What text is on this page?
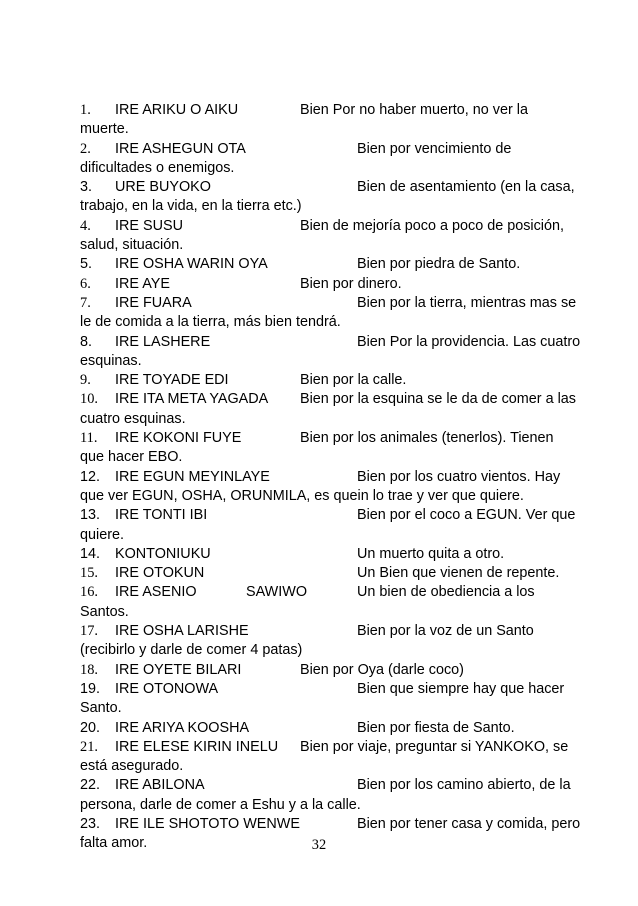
1. IRE ARIKU O AIKU	Bien Por no haber muerto, no ver la
muerte.
2. IRE ASHEGUN OTA	Bien por vencimiento de
dificultades o enemigos.
3. URE BUYOKO	Bien de asentamiento (en la casa,
trabajo, en la vida, en la tierra etc.)
4. IRE SUSU	Bien de mejoría poco a poco de posición,
salud, situación.
5. IRE OSHA WARIN OYA	Bien por piedra de Santo.
6. IRE AYE	Bien por dinero.
7. IRE FUARA	Bien por la tierra, mientras mas se
le de comida a la tierra, más bien tendrá.
8. IRE LASHERE	Bien Por la providencia. Las cuatro
esquinas.
9. IRE TOYADE EDI	Bien por la calle.
10. IRE ITA META YAGADA Bien por la esquina se le da de comer a las
cuatro esquinas.
11. IRE KOKONI FUYE	Bien por los animales (tenerlos). Tienen
que hacer EBO.
12. IRE EGUN MEYINLAYE	Bien por los cuatro vientos. Hay
que ver EGUN, OSHA, ORUNMILA, es quein lo trae y ver que quiere.
13. IRE TONTI IBI	Bien por el coco a EGUN. Ver que
quiere.
14. KONTONIUKU	Un muerto quita a otro.
15. IRE OTOKUN	Un Bien que vienen de repente.
16. IRE ASENIO	SAWIWO	Un bien de obediencia a los
Santos.
17. IRE OSHA LARISHE	Bien por la voz de un Santo
(recibirlo y darle de comer 4 patas)
18. IRE OYETE BILARI	Bien por Oya (darle coco)
19. IRE OTONOWA	Bien que siempre hay que hacer
Santo.
20. IRE ARIYA KOOSHA	Bien por fiesta de Santo.
21. IRE ELESE KIRIN INELU Bien por viaje, preguntar si YANKOKO, se
está asegurado.
22. IRE ABILONA	Bien por los camino abierto, de la
persona, darle de comer a Eshu y a la calle.
23. IRE ILE SHOTOTO WENWE	Bien por tener casa y comida, pero
falta amor.	32
